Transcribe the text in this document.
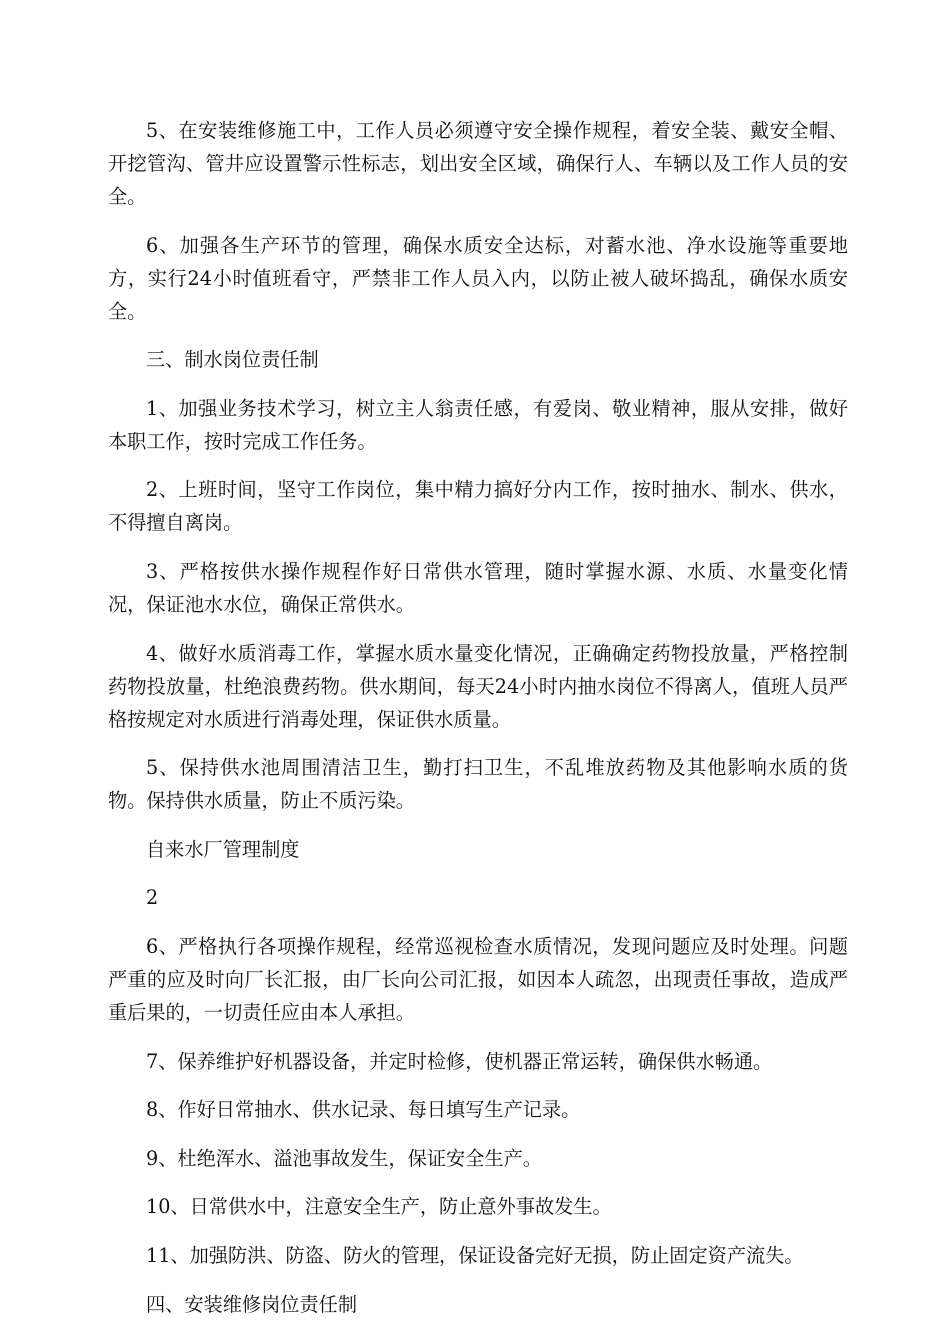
5、在安装维修施工中，工作人员必须遵守安全操作规程，着安全装、戴安全帽、开挖管沟、管井应设置警示性标志，划出安全区域，确保行人、车辆以及工作人员的安全。

6、加强各生产环节的管理，确保水质安全达标，对蓄水池、净水设施等重要地方，实行24小时值班看守，严禁非工作人员入内，以防止被人破坏捣乱，确保水质安全。

三、制水岗位责任制

1、加强业务技术学习，树立主人翁责任感，有爱岗、敬业精神，服从安排，做好本职工作，按时完成工作任务。

2、上班时间，坚守工作岗位，集中精力搞好分内工作，按时抽水、制水、供水，不得擅自离岗。

3、严格按供水操作规程作好日常供水管理，随时掌握水源、水质、水量变化情况，保证池水水位，确保正常供水。

4、做好水质消毒工作，掌握水质水量变化情况，正确确定药物投放量，严格控制药物投放量，杜绝浪费药物。供水期间，每天24小时内抽水岗位不得离人，值班人员严格按规定对水质进行消毒处理，保证供水质量。

5、保持供水池周围清洁卫生，勤打扫卫生，不乱堆放药物及其他影响水质的货物。保持供水质量，防止不质污染。

自来水厂管理制度

2

6、严格执行各项操作规程，经常巡视检查水质情况，发现问题应及时处理。问题严重的应及时向厂长汇报，由厂长向公司汇报，如因本人疏忽，出现责任事故，造成严重后果的，一切责任应由本人承担。

7、保养维护好机器设备，并定时检修，使机器正常运转，确保供水畅通。

8、作好日常抽水、供水记录、每日填写生产记录。

9、杜绝浑水、溢池事故发生，保证安全生产。

10、日常供水中，注意安全生产，防止意外事故发生。

11、加强防洪、防盗、防火的管理，保证设备完好无损，防止固定资产流失。

四、安装维修岗位责任制
